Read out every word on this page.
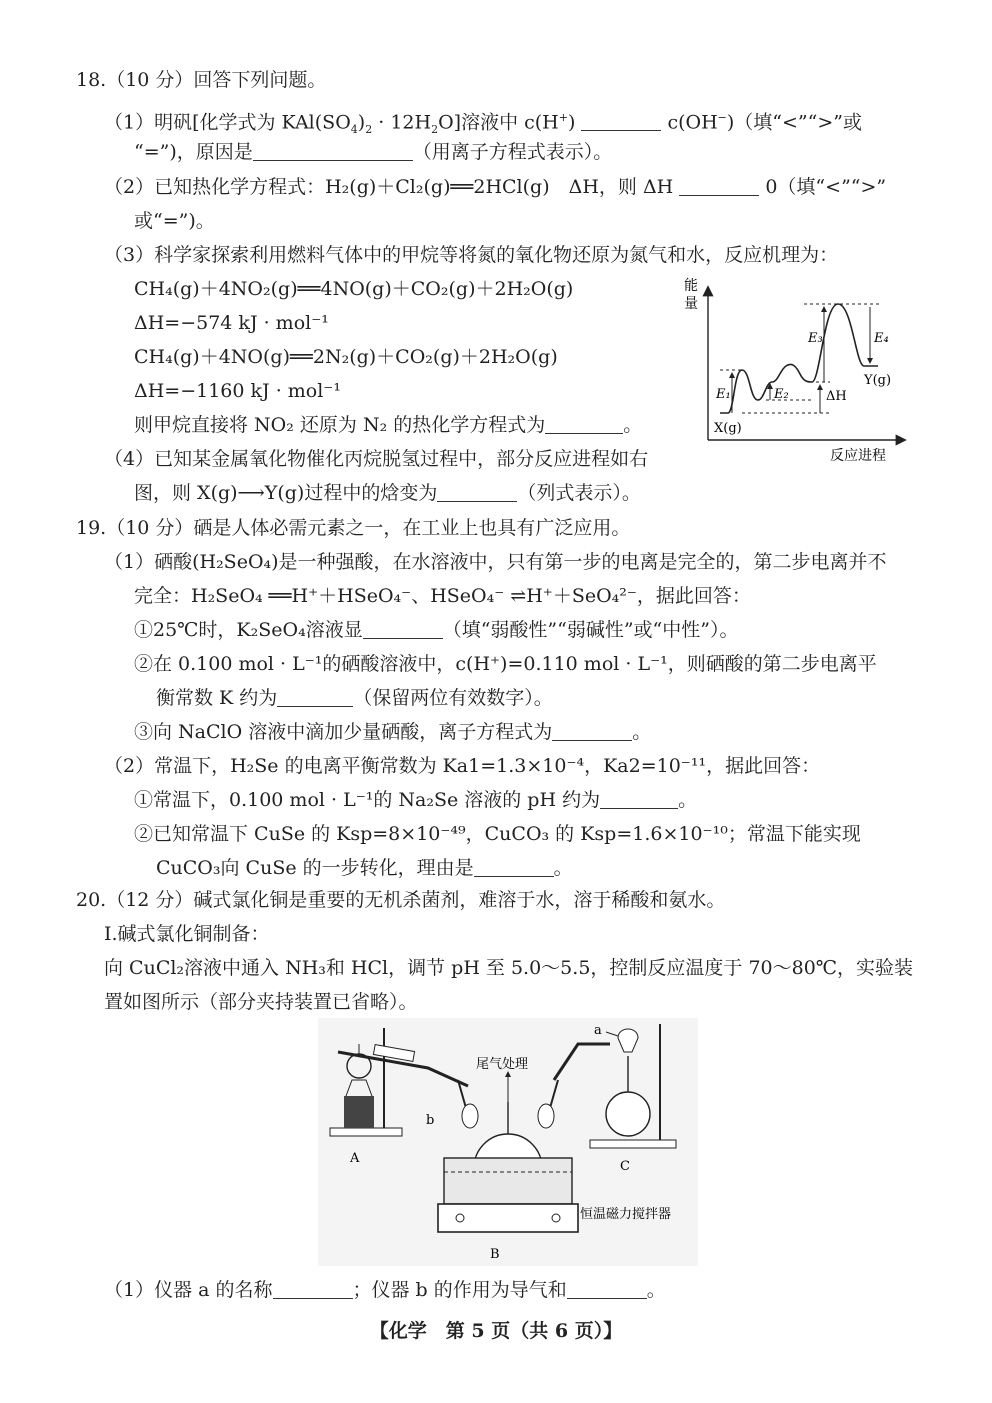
18.（10 分）回答下列问题。
（1）明矾[化学式为 $KAl(SO_4)_2 \cdot 12H_2O$]溶液中 c(H+)	c(OH−)（填“<”“>”或
“=”)，原因是	（用离子方程式表示）。
（2）已知热化学方程式：H₂(g)＋Cl₂(g)══2HCl(g)　ΔH，则 ΔH	0（填“<”“>”
或“=”)。
（3）科学家探索利用燃料气体中的甲烷等将氮的氧化物还原为氮气和水，反应机理为：
CH₄(g)＋4NO₂(g)══4NO(g)＋CO₂(g)＋2H₂O(g)
ΔH=−574 kJ · mol⁻¹
CH₄(g)＋4NO(g)══2N₂(g)＋CO₂(g)＋2H₂O(g)
ΔH=−1160 kJ · mol⁻¹
则甲烷直接将 NO₂ 还原为 N₂ 的热化学方程式为	。
（4）已知某金属氧化物催化丙烷脱氢过程中，部分反应进程如右
图，则 X(g)⟶Y(g)过程中的焓变为	（列式表示）。
能
量
反应进程
E₁	E₂
E₃	E₄
ΔH
X(g)
Y(g)
19.（10 分）硒是人体必需元素之一，在工业上也具有广泛应用。
（1）硒酸(H₂SeO₄)是一种强酸，在水溶液中，只有第一步的电离是完全的，第二步电离并不
完全：H₂SeO₄ ══H⁺＋HSeO₄⁻、HSeO₄⁻ ⇌H⁺＋SeO₄²⁻，据此回答：
①25℃时，K₂SeO₄溶液显	（填“弱酸性”“弱碱性”或“中性”）。
②在 0.100 mol · L⁻¹的硒酸溶液中，c(H⁺)=0.110 mol · L⁻¹，则硒酸的第二步电离平
衡常数 K 约为	（保留两位有效数字）。
③向 NaClO 溶液中滴加少量硒酸，离子方程式为	。
（2）常温下，H₂Se 的电离平衡常数为 Ka1=1.3×10⁻⁴，Ka2=10⁻¹¹，据此回答：
①常温下，0.100 mol · L⁻¹的 Na₂Se 溶液的 pH 约为	。
②已知常温下 CuSe 的 Ksp=8×10⁻⁴⁹，CuCO₃ 的 Ksp=1.6×10⁻¹⁰；常温下能实现
CuCO₃向 CuSe 的一步转化，理由是	。
20.（12 分）碱式氯化铜是重要的无机杀菌剂，难溶于水，溶于稀酸和氨水。
Ⅰ.碱式氯化铜制备：
向 CuCl₂溶液中通入 NH₃和 HCl，调节 pH 至 5.0～5.5，控制反应温度于 70～80℃，实验装
置如图所示（部分夹持装置已省略）。
a
b
尾气处理
A
B
C
恒温磁力搅拌器
（1）仪器 a 的名称	；仪器 b 的作用为导气和	。
【化学　第 5 页（共 6 页）】
